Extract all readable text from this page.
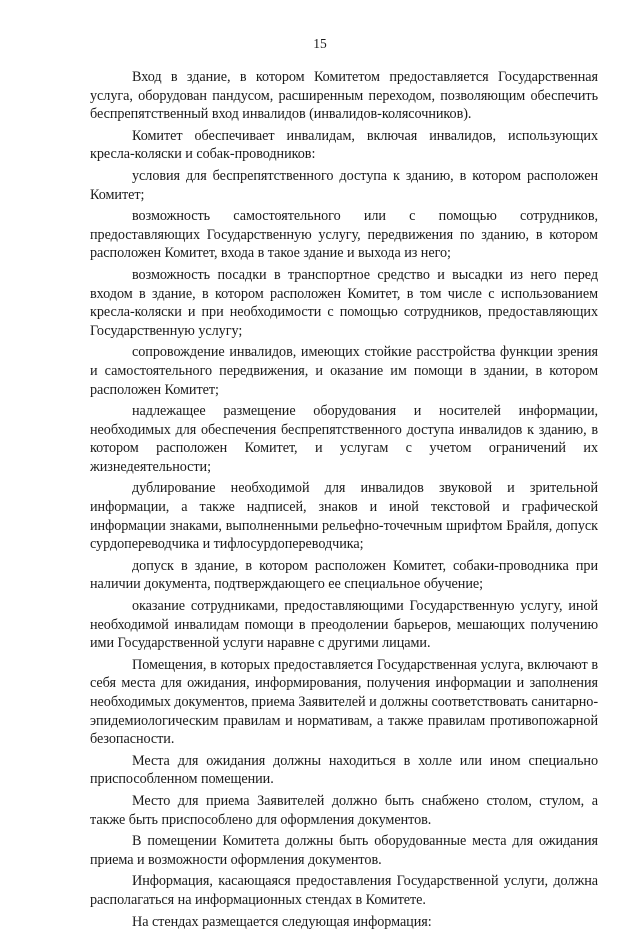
15

Вход в здание, в котором Комитетом предоставляется Государственная услуга, оборудован пандусом, расширенным переходом, позволяющим обеспечить беспрепятственный вход инвалидов (инвалидов-колясочников).

Комитет обеспечивает инвалидам, включая инвалидов, использующих кресла-коляски и собак-проводников:

условия для беспрепятственного доступа к зданию, в котором расположен Комитет;

возможность самостоятельного или с помощью сотрудников, предоставляющих Государственную услугу, передвижения по зданию, в котором расположен Комитет, входа в такое здание и выхода из него;

возможность посадки в транспортное средство и высадки из него перед входом в здание, в котором расположен Комитет, в том числе с использованием кресла-коляски и при необходимости с помощью сотрудников, предоставляющих Государственную услугу;

сопровождение инвалидов, имеющих стойкие расстройства функции зрения и самостоятельного передвижения, и оказание им помощи в здании, в котором расположен Комитет;

надлежащее размещение оборудования и носителей информации, необходимых для обеспечения беспрепятственного доступа инвалидов к зданию, в котором расположен Комитет, и услугам с учетом ограничений их жизнедеятельности;

дублирование необходимой для инвалидов звуковой и зрительной информации, а также надписей, знаков и иной текстовой и графической информации знаками, выполненными рельефно-точечным шрифтом Брайля, допуск сурдопереводчика и тифлосурдопереводчика;

допуск в здание, в котором расположен Комитет, собаки-проводника при наличии документа, подтверждающего ее специальное обучение;

оказание сотрудниками, предоставляющими Государственную услугу, иной необходимой инвалидам помощи в преодолении барьеров, мешающих получению ими Государственной услуги наравне с другими лицами.

Помещения, в которых предоставляется Государственная услуга, включают в себя места для ожидания, информирования, получения информации и заполнения необходимых документов, приема Заявителей и должны соответствовать санитарно-эпидемиологическим правилам и нормативам, а также правилам противопожарной безопасности.

Места для ожидания должны находиться в холле или ином специально приспособленном помещении.

Место для приема Заявителей должно быть снабжено столом, стулом, а также быть приспособлено для оформления документов.

В помещении Комитета должны быть оборудованные места для ожидания приема и возможности оформления документов.

Информация, касающаяся предоставления Государственной услуги, должна располагаться на информационных стендах в Комитете.

На стендах размещается следующая информация:
